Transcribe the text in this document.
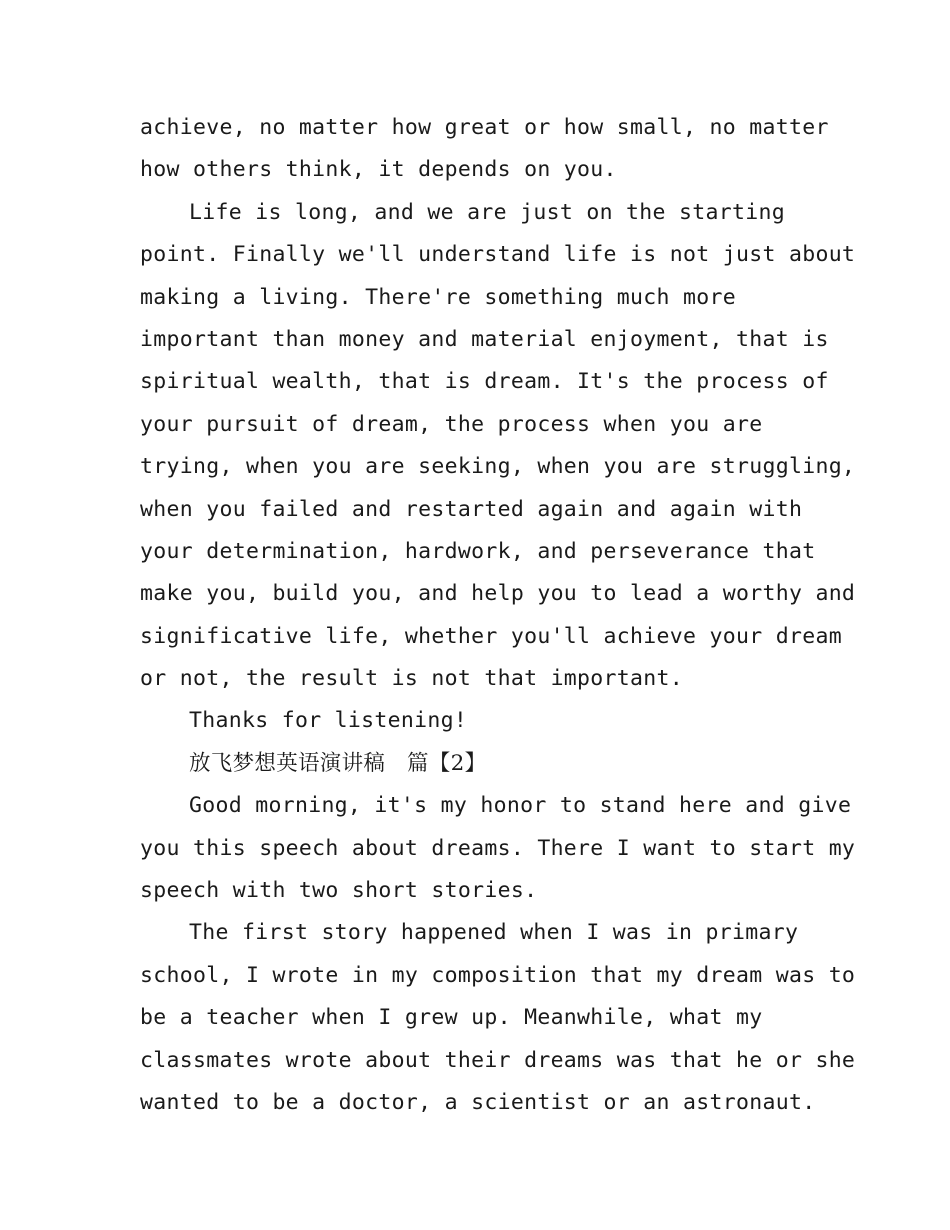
achieve, no matter how great or how small, no matter
how others think, it depends on you.
Life is long, and we are just on the starting
point. Finally we'll understand life is not just about
making a living. There're something much more
important than money and material enjoyment, that is
spiritual wealth, that is dream. It's the process of
your pursuit of dream, the process when you are
trying, when you are seeking, when you are struggling,
when you failed and restarted again and again with
your determination, hardwork, and perseverance that
make you, build you, and help you to lead a worthy and
significative life, whether you'll achieve your dream
or not, the result is not that important.
Thanks for listening!
放飞梦想英语演讲稿　篇【2】
Good morning, it's my honor to stand here and give
you this speech about dreams. There I want to start my
speech with two short stories.
The first story happened when I was in primary
school, I wrote in my composition that my dream was to
be a teacher when I grew up. Meanwhile, what my
classmates wrote about their dreams was that he or she
wanted to be a doctor, a scientist or an astronaut.
